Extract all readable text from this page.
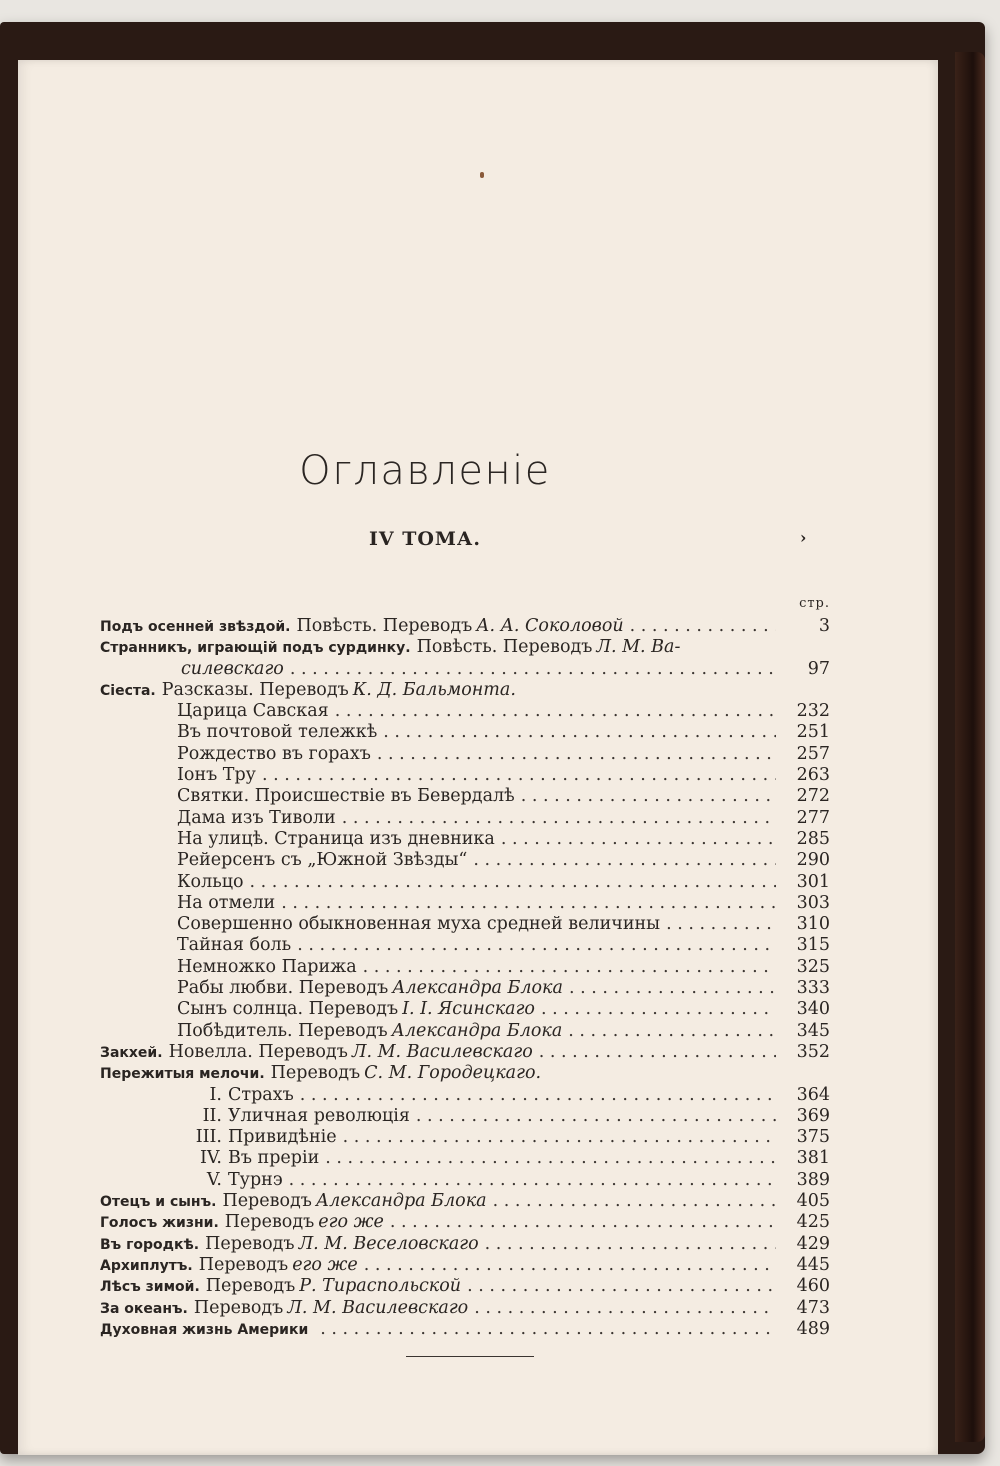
Оглавленіе
IV ТОМА.	›
стр.
Подъ осенней звѣздой. Повѣсть. Переводъ А. А. Соколовой . . .	3
Странникъ, играющій подъ сурдинку. Повѣсть. Переводъ Л. М. Ва-
силевскаго . . .	97
Сіеста. Разсказы. Переводъ К. Д. Бальмонта.
Царица Савская . . .	232
Въ почтовой тележкѣ . . .	251
Рождество въ горахъ . . .	257
Іонъ Тру . . .	263
Святки. Происшествіе въ Бевердалѣ . . .	272
Дама изъ Тиволи . . .	277
На улицѣ. Страница изъ дневника . . .	285
Рейерсенъ съ „Южной Звѣзды“ . . .	290
Кольцо . . .	301
На отмели . . .	303
Совершенно обыкновенная муха средней величины . . .	310
Тайная боль . . .	315
Немножко Парижа . . .	325
Рабы любви. Переводъ Александра Блока . . .	333
Сынъ солнца. Переводъ І. І. Ясинскаго . . .	340
Побѣдитель. Переводъ Александра Блока . . .	345
Закхей. Новелла. Переводъ Л. М. Василевскаго . . .	352
Пережитыя мелочи. Переводъ С. М. Городецкаго.
I. Страхъ . . .	364
II. Уличная революція . . .	369
III. Привидѣніе . . .	375
IV. Въ преріи . . .	381
V. Турнэ . . .	389
Отецъ и сынъ. Переводъ Александра Блока . . .	405
Голосъ жизни. Переводъ его же . . .	425
Въ городкѣ. Переводъ Л. М. Веселовскаго . . .	429
Архиплутъ. Переводъ его же . . .	445
Лѣсъ зимой. Переводъ Р. Тираспольской . . .	460
За океанъ. Переводъ Л. М. Василевскаго . . .	473
Духовная жизнь Америки . . .	489
